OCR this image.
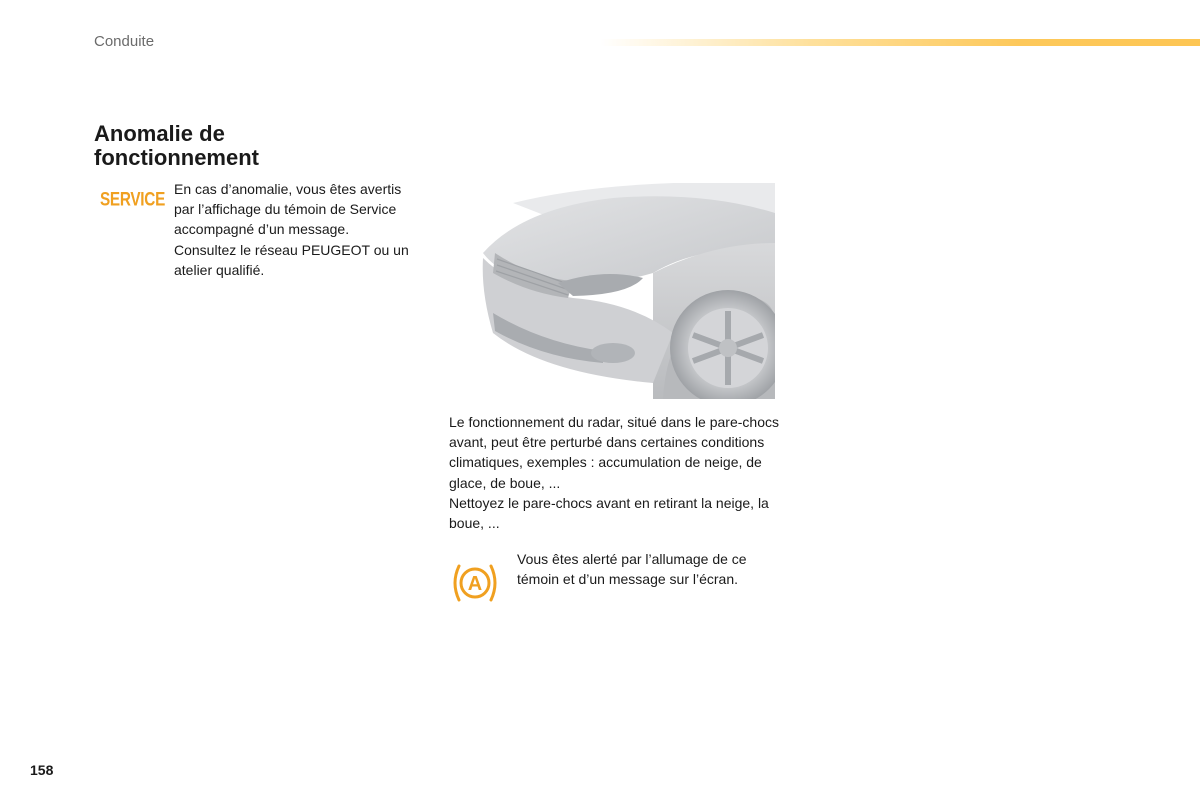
Conduite
Anomalie de fonctionnement
SERVICE En cas d’anomalie, vous êtes avertis par l’affichage du témoin de Service accompagné d’un message.
Consultez le réseau PEUGEOT ou un atelier qualifié.
Le fonctionnement du radar, situé dans le pare-chocs avant, peut être perturbé dans certaines conditions climatiques, exemples : accumulation de neige, de glace, de boue, ...
Nettoyez le pare-chocs avant en retirant la neige, la boue, ...
A
Vous êtes alerté par l’allumage de ce témoin et d’un message sur l’écran.
158
